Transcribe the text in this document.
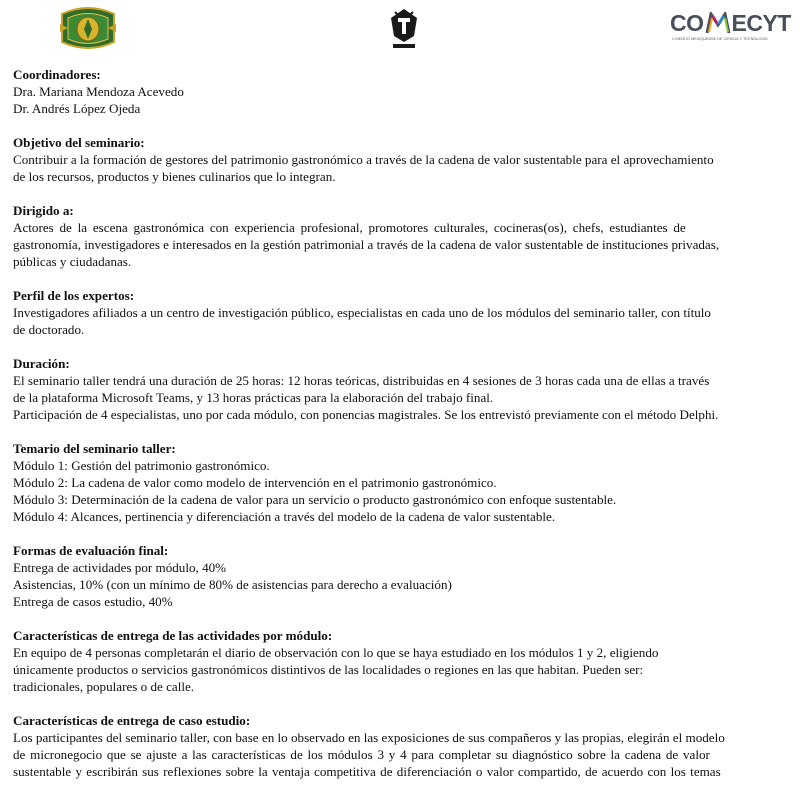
CO ECYT
CONSEJO MEXIQUENSE DE CIENCIA Y TECNOLOGÍA
Coordinadores:
Dra. Mariana Mendoza Acevedo
Dr. Andrés López Ojeda
Objetivo del seminario:
Contribuir a la formación de gestores del patrimonio gastronómico a través de la cadena de valor sustentable para el aprovechamiento
de los recursos, productos y bienes culinarios que lo integran.
Dirigido a:
Actores de la escena gastronómica con experiencia profesional, promotores culturales, cocineras(os), chefs, estudiantes de
gastronomía, investigadores e interesados en la gestión patrimonial a través de la cadena de valor sustentable de instituciones privadas,
públicas y ciudadanas.
Perfil de los expertos:
Investigadores afiliados a un centro de investigación público, especialistas en cada uno de los módulos del seminario taller, con título
de doctorado.
Duración:
El seminario taller tendrá una duración de 25 horas: 12 horas teóricas, distribuidas en 4 sesiones de 3 horas cada una de ellas a través
de la plataforma Microsoft Teams, y 13 horas prácticas para la elaboración del trabajo final.
Participación de 4 especialistas, uno por cada módulo, con ponencias magistrales. Se los entrevistó previamente con el método Delphi.
Temario del seminario taller:
Módulo 1: Gestión del patrimonio gastronómico.
Módulo 2: La cadena de valor como modelo de intervención en el patrimonio gastronómico.
Módulo 3: Determinación de la cadena de valor para un servicio o producto gastronómico con enfoque sustentable.
Módulo 4: Alcances, pertinencia y diferenciación a través del modelo de la cadena de valor sustentable.
Formas de evaluación final:
Entrega de actividades por módulo, 40%
Asistencias, 10% (con un mínimo de 80% de asistencias para derecho a evaluación)
Entrega de casos estudio, 40%
Características de entrega de las actividades por módulo:
En equipo de 4 personas completarán el diario de observación con lo que se haya estudiado en los módulos 1 y 2, eligiendo
únicamente productos o servicios gastronómicos distintivos de las localidades o regiones en las que habitan. Pueden ser:
tradicionales, populares o de calle.
Características de entrega de caso estudio:
Los participantes del seminario taller, con base en lo observado en las exposiciones de sus compañeros y las propias, elegirán el modelo
de micronegocio que se ajuste a las características de los módulos 3 y 4 para completar su diagnóstico sobre la cadena de valor
sustentable y escribirán sus reflexiones sobre la ventaja competitiva de diferenciación o valor compartido, de acuerdo con los temas
